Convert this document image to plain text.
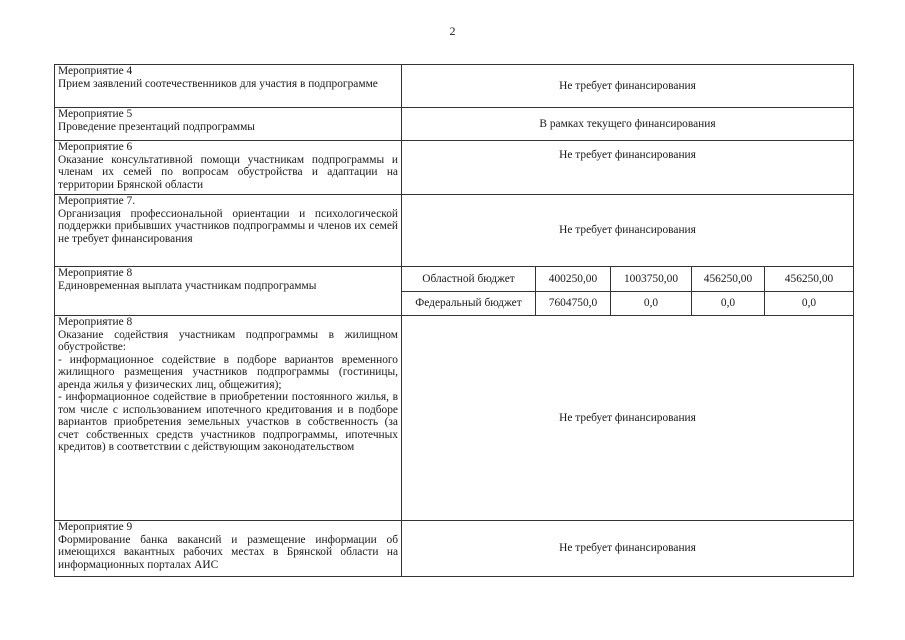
2
Мероприятие 4
Прием заявлений соотечественников для участия в подпрограмме	Не требует финансирования				

Мероприятие 5
Проведение презентаций подпрограммы	В рамках текущего финансирования				

Мероприятие 6
Оказание консультативной помощи участникам подпрограммы и членам их семей по вопросам обустройства и адаптации на территории Брянской области	Не требует финансирования				

Мероприятие 7.
Организация профессиональной ориентации и психологической поддержки прибывших участников подпрограммы и членов их семей не требует финансирования	Не требует финансирования				

Мероприятие 8
Единовременная выплата участникам подпрограммы	Областной бюджет	400250,00	1003750,00	456250,00	456250,00
	Федеральный бюджет	7604750,0	0,0	0,0	0,0

Мероприятие 8
Оказание содействия участникам подпрограммы в жилищном обустройстве:
- информационное содействие в подборе вариантов временного жилищного размещения участников подпрограммы (гостиницы, аренда жилья у физических лиц, общежития);
- информационное содействие в приобретении постоянного жилья, в том числе с использованием ипотечного кредитования и в подборе вариантов приобретения земельных участков в собственность (за счет собственных средств участников подпрограммы, ипотечных кредитов) в соответствии с действующим законодательством	Не требует финансирования				

Мероприятие 9
Формирование банка вакансий и размещение информации об имеющихся вакантных рабочих местах в Брянской области на информационных порталах АИС	Не требует финансирования				
